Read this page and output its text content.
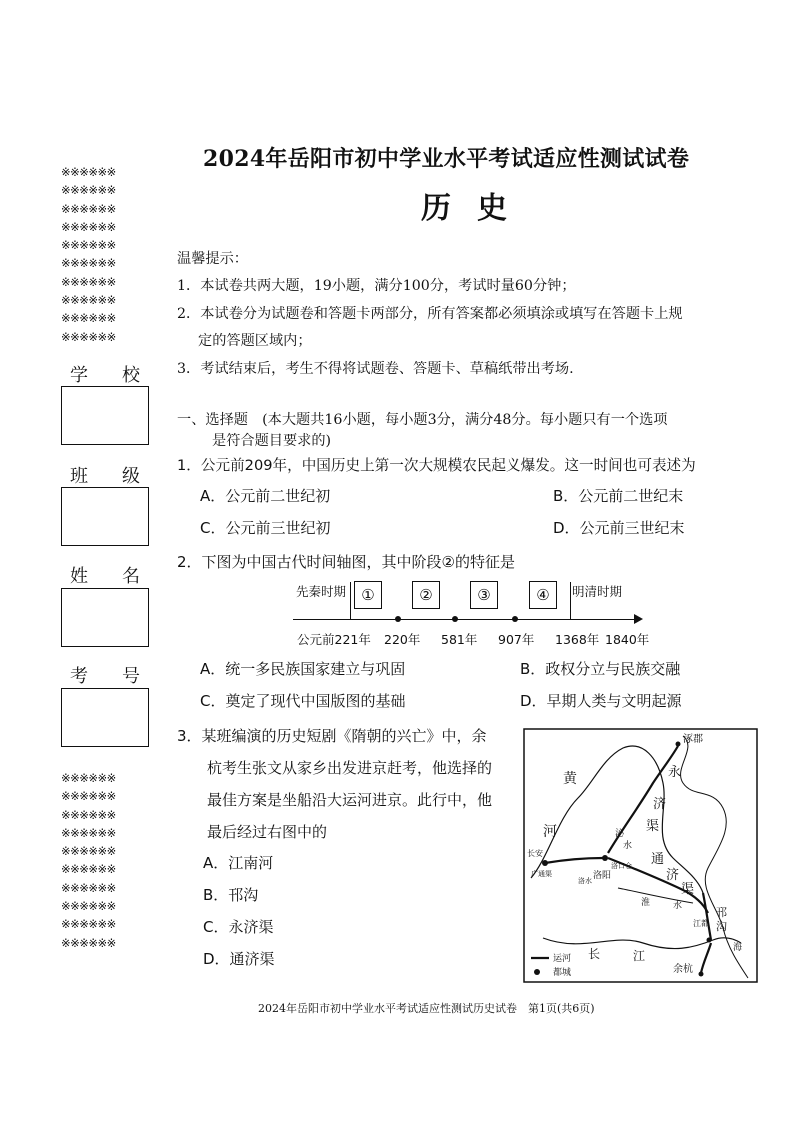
※※※※※※
※※※※※※
※※※※※※
※※※※※※
※※※※※※
※※※※※※
※※※※※※
※※※※※※
※※※※※※
※※※※※※
学校
班级
姓名
考号
※※※※※※
※※※※※※
※※※※※※
※※※※※※
※※※※※※
※※※※※※
※※※※※※
※※※※※※
※※※※※※
※※※※※※
2024年岳阳市初中学业水平考试适应性测试试卷
历史
温馨提示：
1．本试卷共两大题，19小题，满分100分，考试时量60分钟；
2．本试卷分为试题卷和答题卡两部分，所有答案都必须填涂或填写在答题卡上规
定的答题区域内；
3．考试结束后，考生不得将试题卷、答题卡、草稿纸带出考场.
一、选择题　(本大题共16小题，每小题3分，满分48分。每小题只有一个选项
是符合题目要求的)
1．公元前209年，中国历史上第一次大规模农民起义爆发。这一时间也可表述为
A．公元前二世纪初	B．公元前二世纪末
C．公元前三世纪初	D．公元前三世纪末
2．下图为中国古代时间轴图，其中阶段②的特征是
先秦时期	明清时期
①	②	③	④
公元前221年 220年 581年 907年 1368年 1840年
A．统一多民族国家建立与巩固	B．政权分立与民族交融
C．奠定了现代中国版图的基础	D．早期人类与文明起源
3．某班编演的历史短剧《隋朝的兴亡》中，余
杭考生张文从家乡出发进京赶考，他选择的
最佳方案是坐船沿大运河进京。此行中，他
最后经过右图中的
A．江南河
B．邗沟
C．永济渠
D．通济渠	运河
都城
涿郡
黄	永
济
河	沁
水
渠
通
济
渠
长安
广通渠	洛阳
洛口仓
洛水
淮	水
江都
邗
沟
长	江
余杭
海
2024年岳阳市初中学业水平考试适应性测试历史试卷　第1页(共6页)
